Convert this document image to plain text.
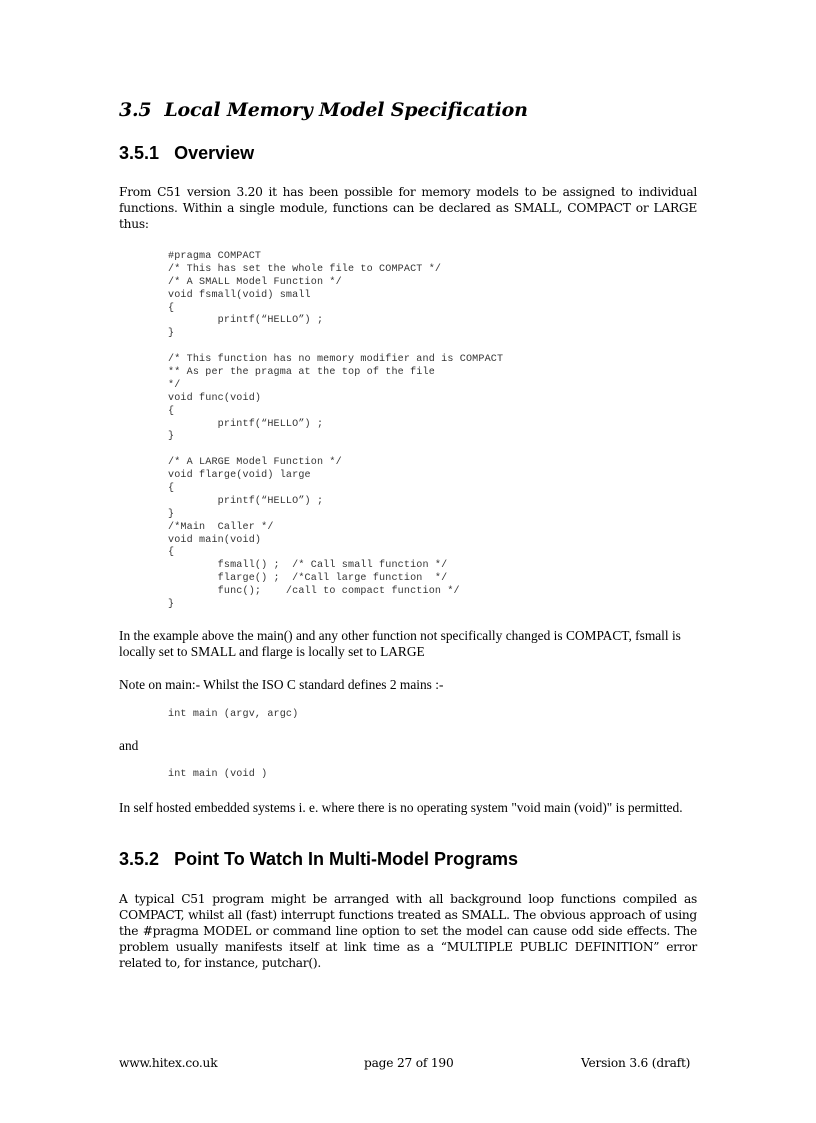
3.5 Local Memory Model Specification
3.5.1 Overview

From C51 version 3.20 it has been possible for memory models to be assigned to individual functions. Within a single module, functions can be declared as SMALL, COMPACT or LARGE thus:

#pragma COMPACT
/* This has set the whole file to COMPACT */
/* A SMALL Model Function */
void fsmall(void) small
{
printf(“HELLO”) ;
}
/* This function has no memory modifier and is COMPACT
** As per the pragma at the top of the file
*/
void func(void)
{
printf(“HELLO”) ;
}
/* A LARGE Model Function */
void flarge(void) large
{
printf(“HELLO”) ;
}
/*Main  Caller */
void main(void)
{
fsmall() ;  /* Call small function */
flarge() ;  /*Call large function  */
func();    /call to compact function */
}

In the example above the main() and any other function not specifically changed is COMPACT, fsmall is locally set to SMALL and flarge is locally set to LARGE

Note on main:- Whilst the ISO C standard defines 2 mains :-

int main (argv, argc)

and

int main (void )

In self hosted embedded systems i. e. where there is no operating system "void main (void)" is permitted.

3.5.2 Point To Watch In Multi-Model Programs

A typical C51 program might be arranged with all background loop functions compiled as COMPACT, whilst all (fast) interrupt functions treated as SMALL. The obvious approach of using the #pragma MODEL or command line option to set the model can cause odd side effects. The problem usually manifests itself at link time as a “MULTIPLE PUBLIC DEFINITION” error related to, for instance, putchar().

www.hitex.co.uk	page 27 of 190	Version 3.6 (draft)
